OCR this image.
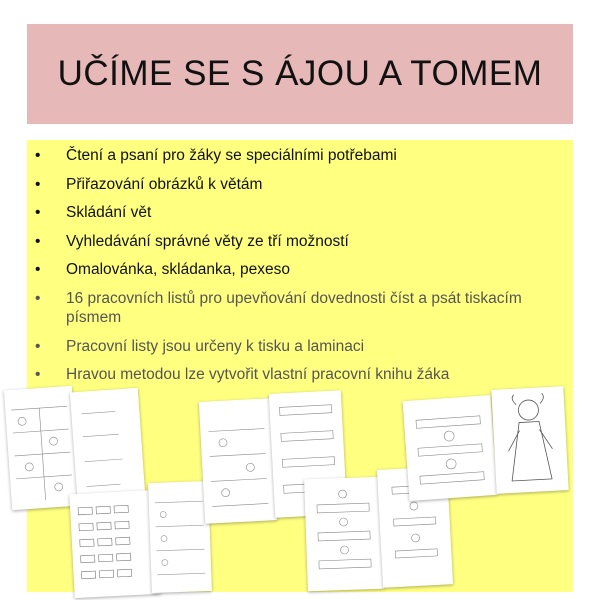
UČÍME SE S ÁJOU A TOMEM
• Čtení a psaní pro žáky se speciálními potřebami
• Přiřazování obrázků k větám
• Skládání vět
• Vyhledávání správné věty ze tří možností
• Omalovánka, skládanka, pexeso
• 16 pracovních listů pro upevňování dovednosti číst a psát tiskacím písmem
• Pracovní listy jsou určeny k tisku a laminaci
• Hravou metodou lze vytvořit vlastní pracovní knihu žáka
